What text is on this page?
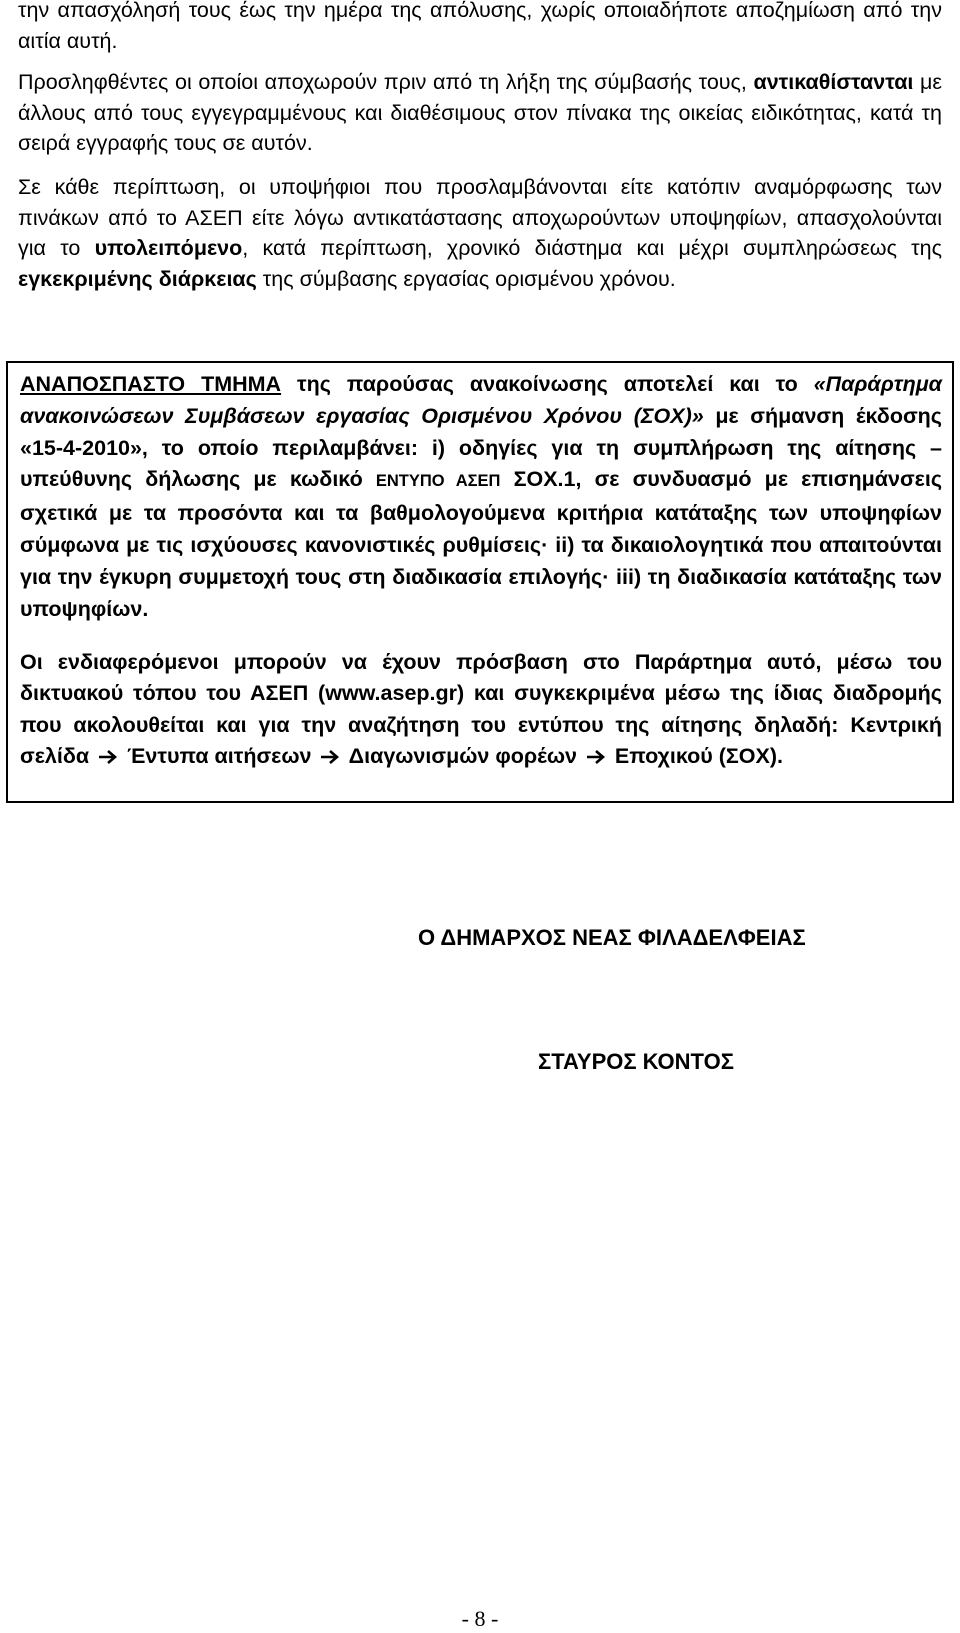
την απασχόλησή τους έως την ημέρα της απόλυσης, χωρίς οποιαδήποτε αποζημίωση από την αιτία αυτή.

Προσληφθέντες οι οποίοι αποχωρούν πριν από τη λήξη της σύμβασής τους, αντικαθίστανται με άλλους από τους εγγεγραμμένους και διαθέσιμους στον πίνακα της οικείας ειδικότητας, κατά τη σειρά εγγραφής τους σε αυτόν.

Σε κάθε περίπτωση, οι υποψήφιοι που προσλαμβάνονται είτε κατόπιν αναμόρφωσης των πινάκων από το ΑΣΕΠ είτε λόγω αντικατάστασης αποχωρούντων υποψηφίων, απασχολούνται για το υπολειπόμενο, κατά περίπτωση, χρονικό διάστημα και μέχρι συμπληρώσεως της εγκεκριμένης διάρκειας της σύμβασης εργασίας ορισμένου χρόνου.

ΑΝΑΠΟΣΠΑΣΤΟ ΤΜΗΜΑ της παρούσας ανακοίνωσης αποτελεί και το «Παράρτημα ανακοινώσεων Συμβάσεων εργασίας Ορισμένου Χρόνου (ΣΟΧ)» με σήμανση έκδοσης «15-4-2010», το οποίο περιλαμβάνει: i) οδηγίες για τη συμπλήρωση της αίτησης – υπεύθυνης δήλωσης με κωδικό ΕΝΤΥΠΟ ΑΣΕΠ ΣΟΧ.1, σε συνδυασμό με επισημάνσεις σχετικά με τα προσόντα και τα βαθμολογούμενα κριτήρια κατάταξης των υποψηφίων σύμφωνα με τις ισχύουσες κανονιστικές ρυθμίσεις· ii) τα δικαιολογητικά που απαιτούνται για την έγκυρη συμμετοχή τους στη διαδικασία επιλογής· iii) τη διαδικασία κατάταξης των υποψηφίων.

Οι ενδιαφερόμενοι μπορούν να έχουν πρόσβαση στο Παράρτημα αυτό, μέσω του δικτυακού τόπου του ΑΣΕΠ (www.asep.gr) και συγκεκριμένα μέσω της ίδιας διαδρομής που ακολουθείται και για την αναζήτηση του εντύπου της αίτησης δηλαδή: Κεντρική σελίδα Έντυπα αιτήσεων Διαγωνισμών φορέων Εποχικού (ΣΟΧ).

Ο ΔΗΜΑΡΧΟΣ ΝΕΑΣ ΦΙΛΑΔΕΛΦΕΙΑΣ

ΣΤΑΥΡΟΣ ΚΟΝΤΟΣ

- 8 -
